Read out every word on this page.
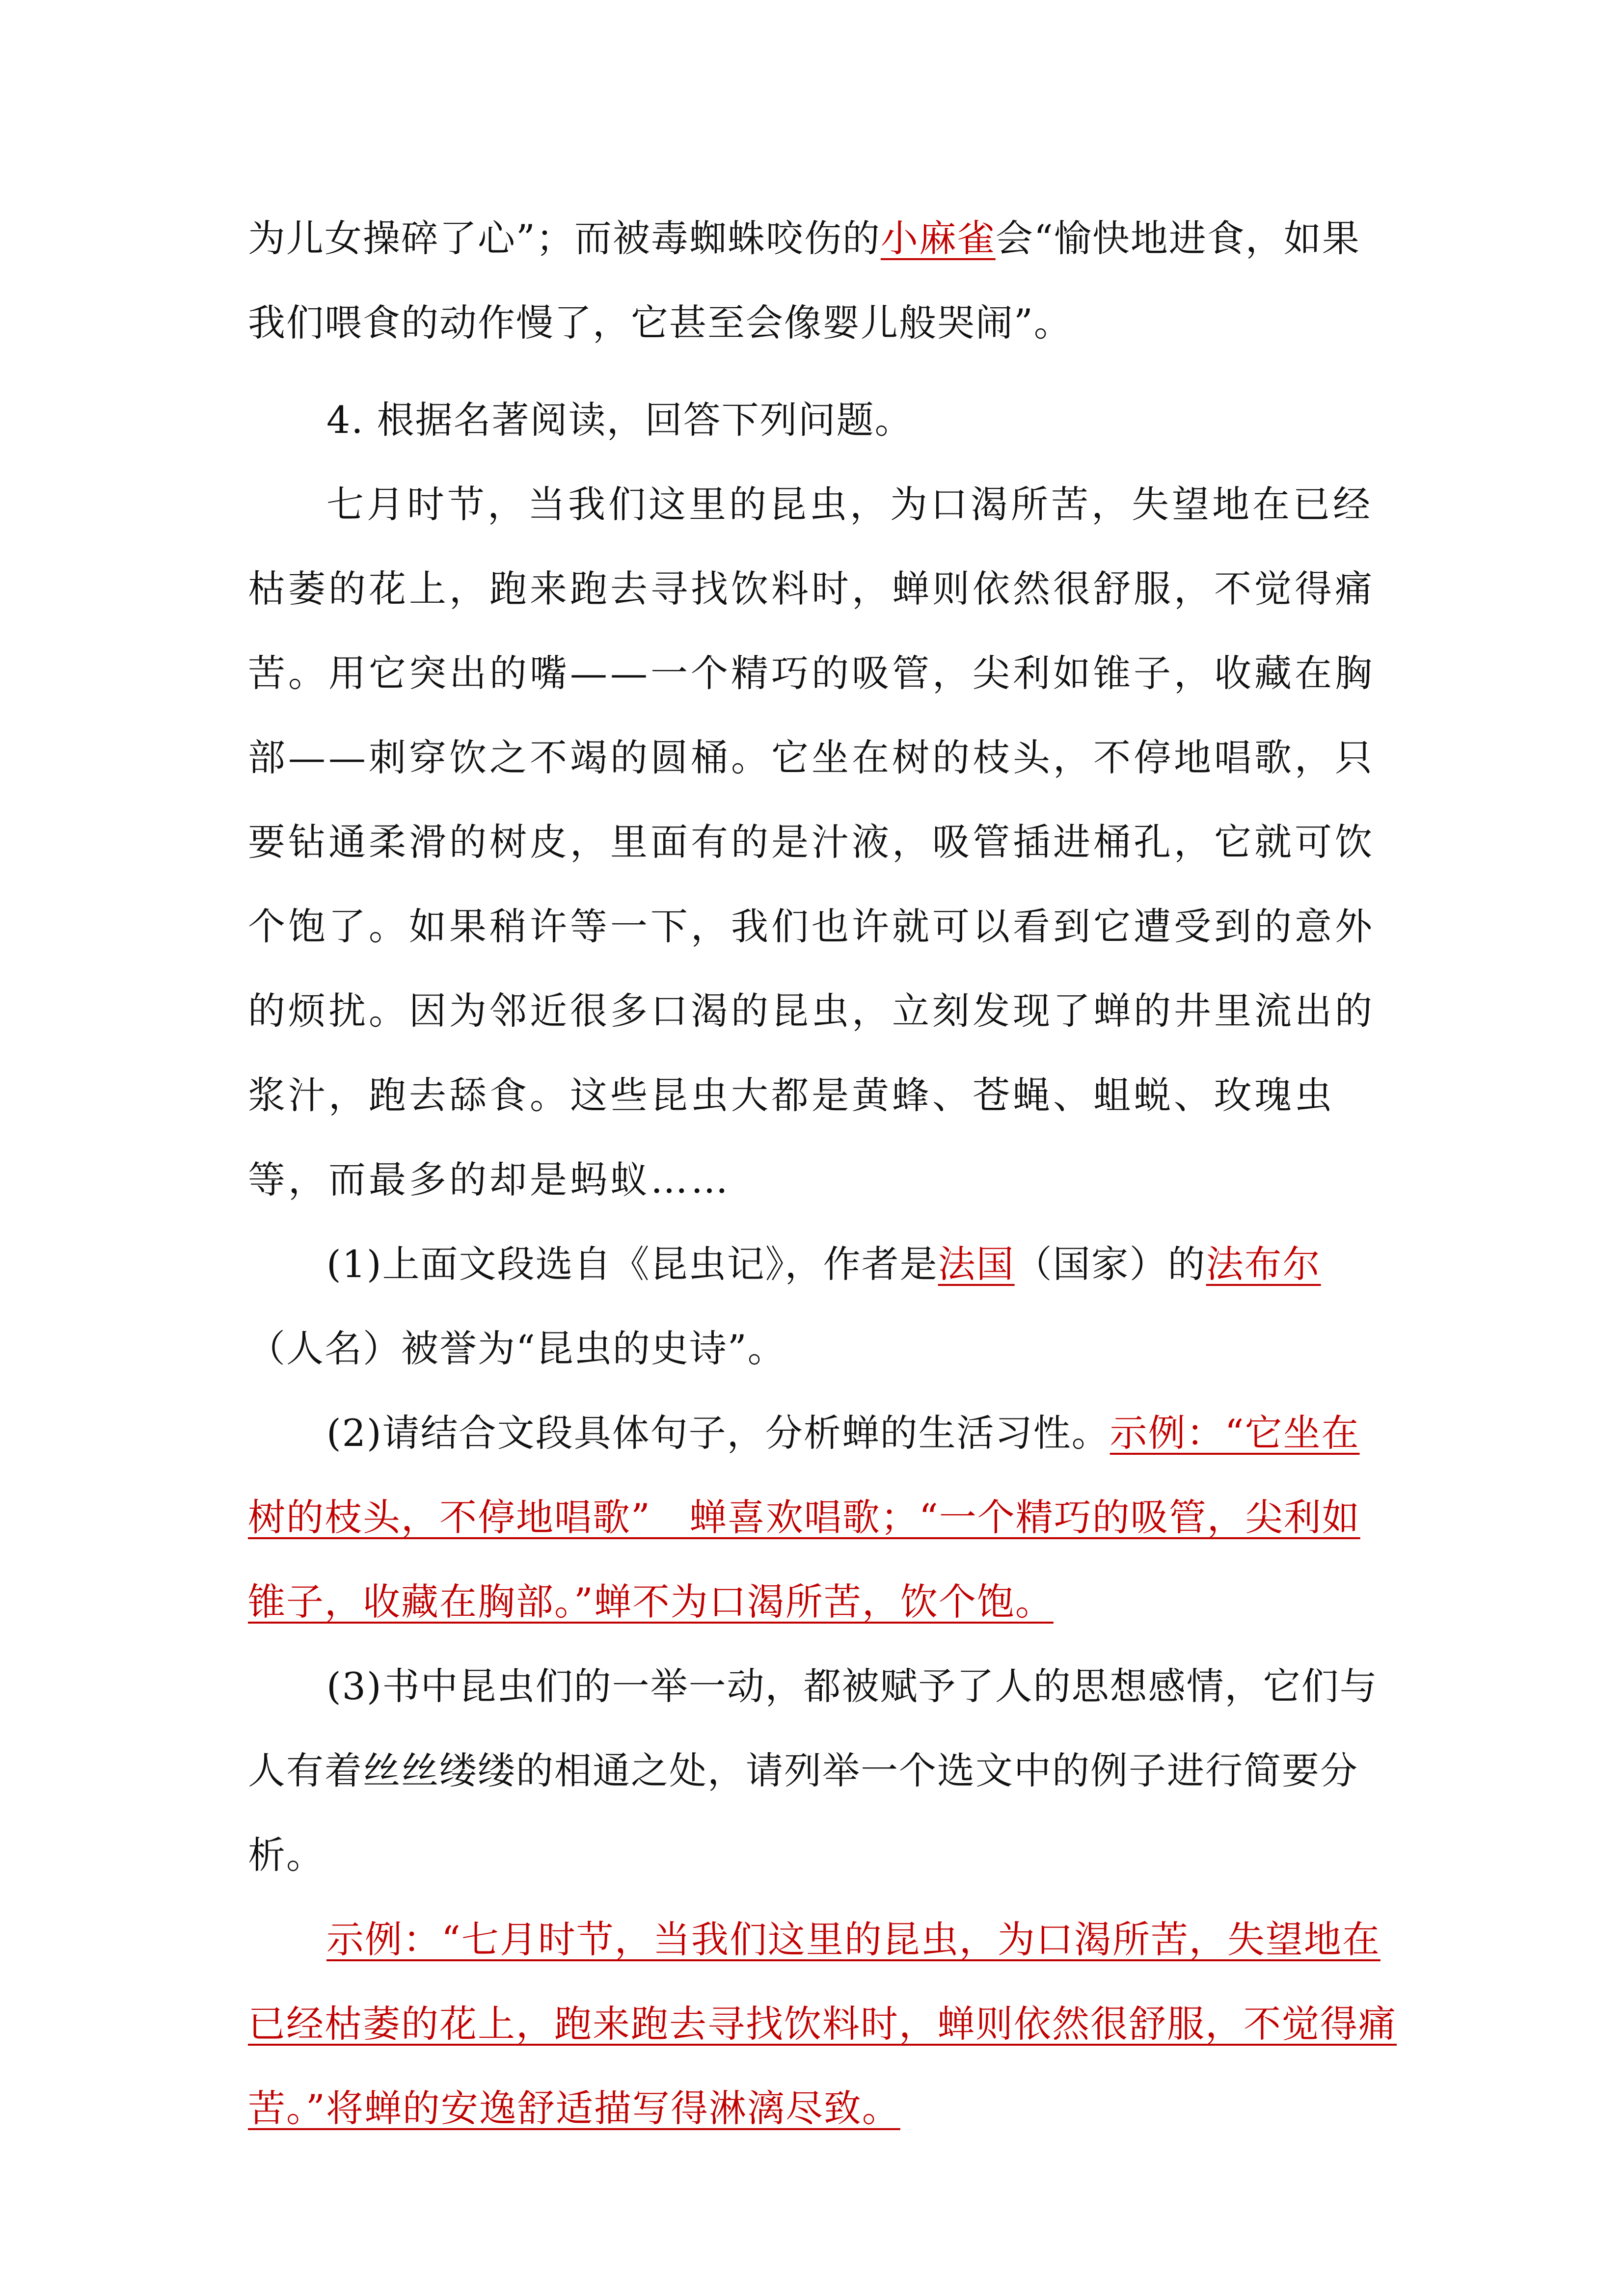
为儿女操碎了心”；而被毒蜘蛛咬伤的小麻雀会“愉快地进食，如果我们喂食的动作慢了，它甚至会像婴儿般哭闹”。

4. 根据名著阅读，回答下列问题。

七月时节，当我们这里的昆虫，为口渴所苦，失望地在已经枯萎的花上，跑来跑去寻找饮料时，蝉则依然很舒服，不觉得痛苦。用它突出的嘴——一个精巧的吸管，尖利如锥子，收藏在胸部——刺穿饮之不竭的圆桶。它坐在树的枝头，不停地唱歌，只要钻通柔滑的树皮，里面有的是汁液，吸管插进桶孔，它就可饮个饱了。如果稍许等一下，我们也许就可以看到它遭受到的意外的烦扰。因为邻近很多口渴的昆虫，立刻发现了蝉的井里流出的浆汁，跑去舔食。这些昆虫大都是黄蜂、苍蝇、蛆蜕、玫瑰虫等，而最多的却是蚂蚁……

(1)上面文段选自《昆虫记》，作者是法国（国家）的法布尔（人名）被誉为“昆虫的史诗”。

(2)请结合文段具体句子，分析蝉的生活习性。示例：“它坐在树的枝头，不停地唱歌”　蝉喜欢唱歌；“一个精巧的吸管，尖利如锥子，收藏在胸部。”蝉不为口渴所苦，饮个饱。

(3)书中昆虫们的一举一动，都被赋予了人的思想感情，它们与人有着丝丝缕缕的相通之处，请列举一个选文中的例子进行简要分析。

示例：“七月时节，当我们这里的昆虫，为口渴所苦，失望地在已经枯萎的花上，跑来跑去寻找饮料时，蝉则依然很舒服，不觉得痛苦。”将蝉的安逸舒适描写得淋漓尽致。
